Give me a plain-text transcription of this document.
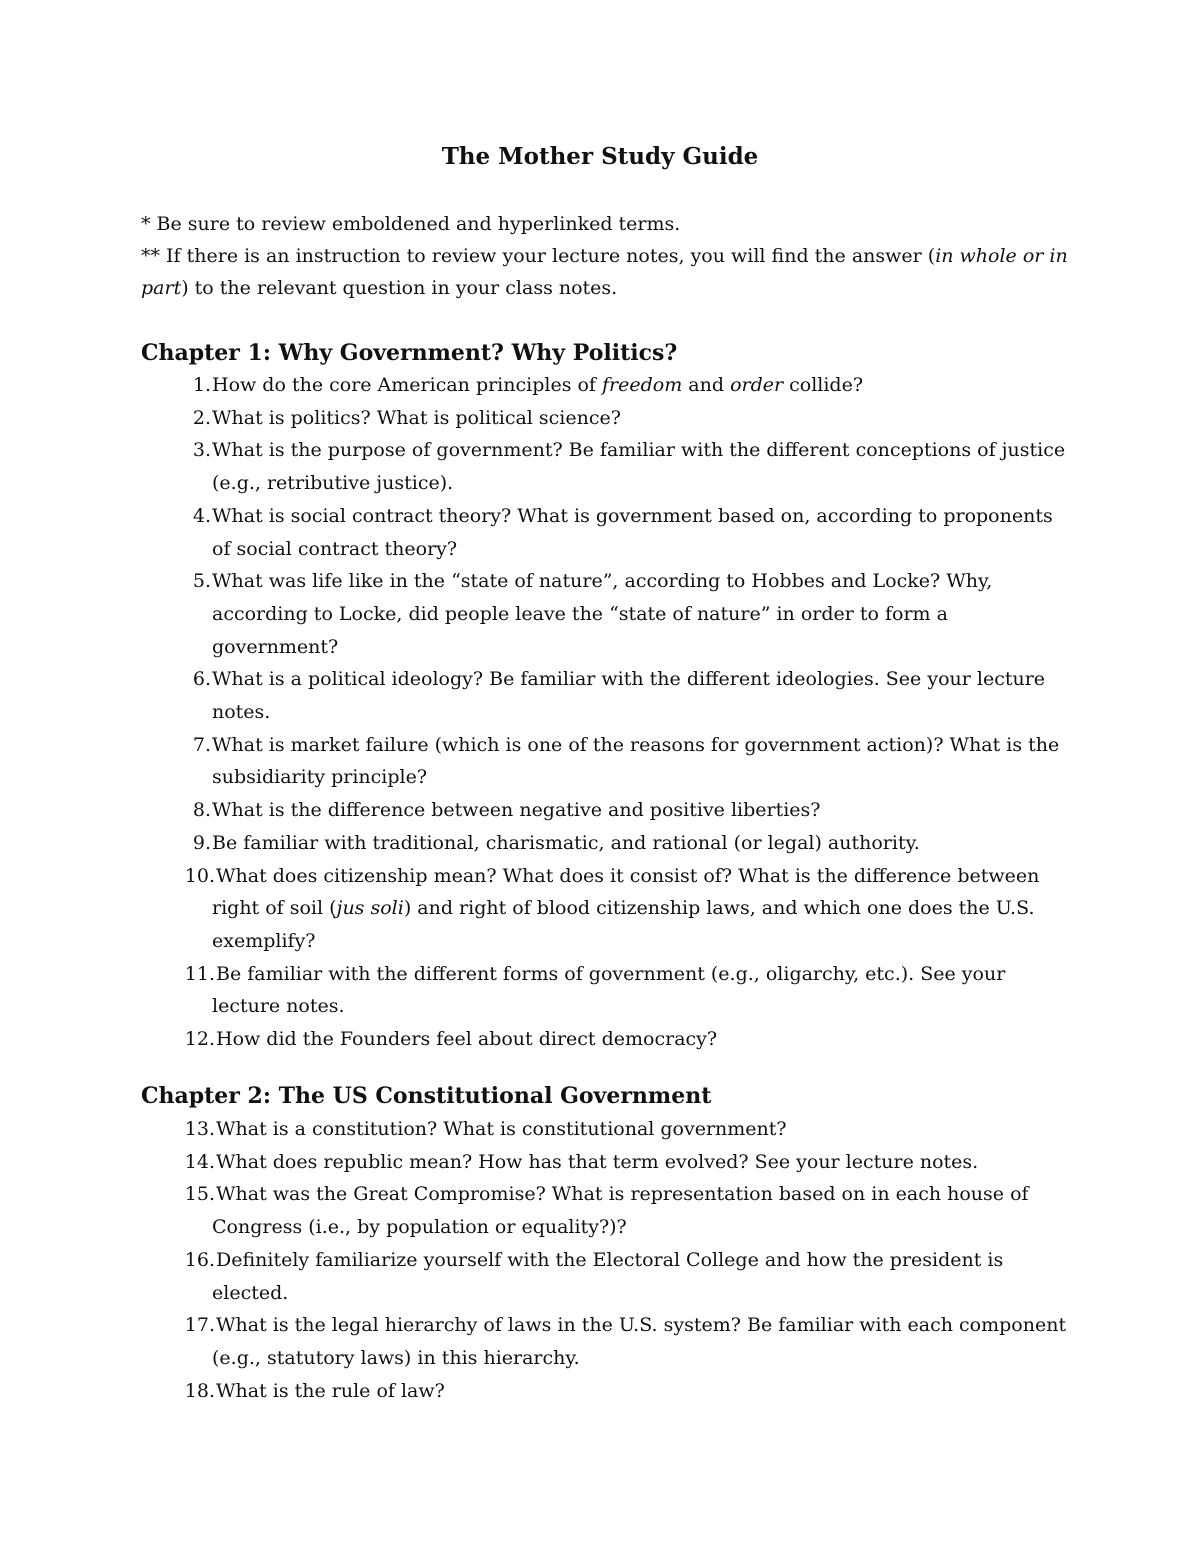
The Mother Study Guide

* Be sure to review emboldened and hyperlinked terms.

** If there is an instruction to review your lecture notes, you will find the answer (in whole or in part) to the relevant question in your class notes.

Chapter 1: Why Government? Why Politics?
1. How do the core American principles of freedom and order collide?
2. What is politics? What is political science?
3. What is the purpose of government? Be familiar with the different conceptions of justice (e.g., retributive justice).
4. What is social contract theory? What is government based on, according to proponents of social contract theory?
5. What was life like in the “state of nature”, according to Hobbes and Locke? Why, according to Locke, did people leave the “state of nature” in order to form a government?
6. What is a political ideology? Be familiar with the different ideologies. See your lecture notes.
7. What is market failure (which is one of the reasons for government action)? What is the subsidiarity principle?
8. What is the difference between negative and positive liberties?
9. Be familiar with traditional, charismatic, and rational (or legal) authority.
10. What does citizenship mean? What does it consist of? What is the difference between right of soil (jus soli) and right of blood citizenship laws, and which one does the U.S. exemplify?
11. Be familiar with the different forms of government (e.g., oligarchy, etc.). See your lecture notes.
12. How did the Founders feel about direct democracy?
Chapter 2: The US Constitutional Government
13. What is a constitution? What is constitutional government?
14. What does republic mean? How has that term evolved? See your lecture notes.
15. What was the Great Compromise? What is representation based on in each house of Congress (i.e., by population or equality?)?
16. Definitely familiarize yourself with the Electoral College and how the president is elected.
17. What is the legal hierarchy of laws in the U.S. system? Be familiar with each component (e.g., statutory laws) in this hierarchy.
18. What is the rule of law?
